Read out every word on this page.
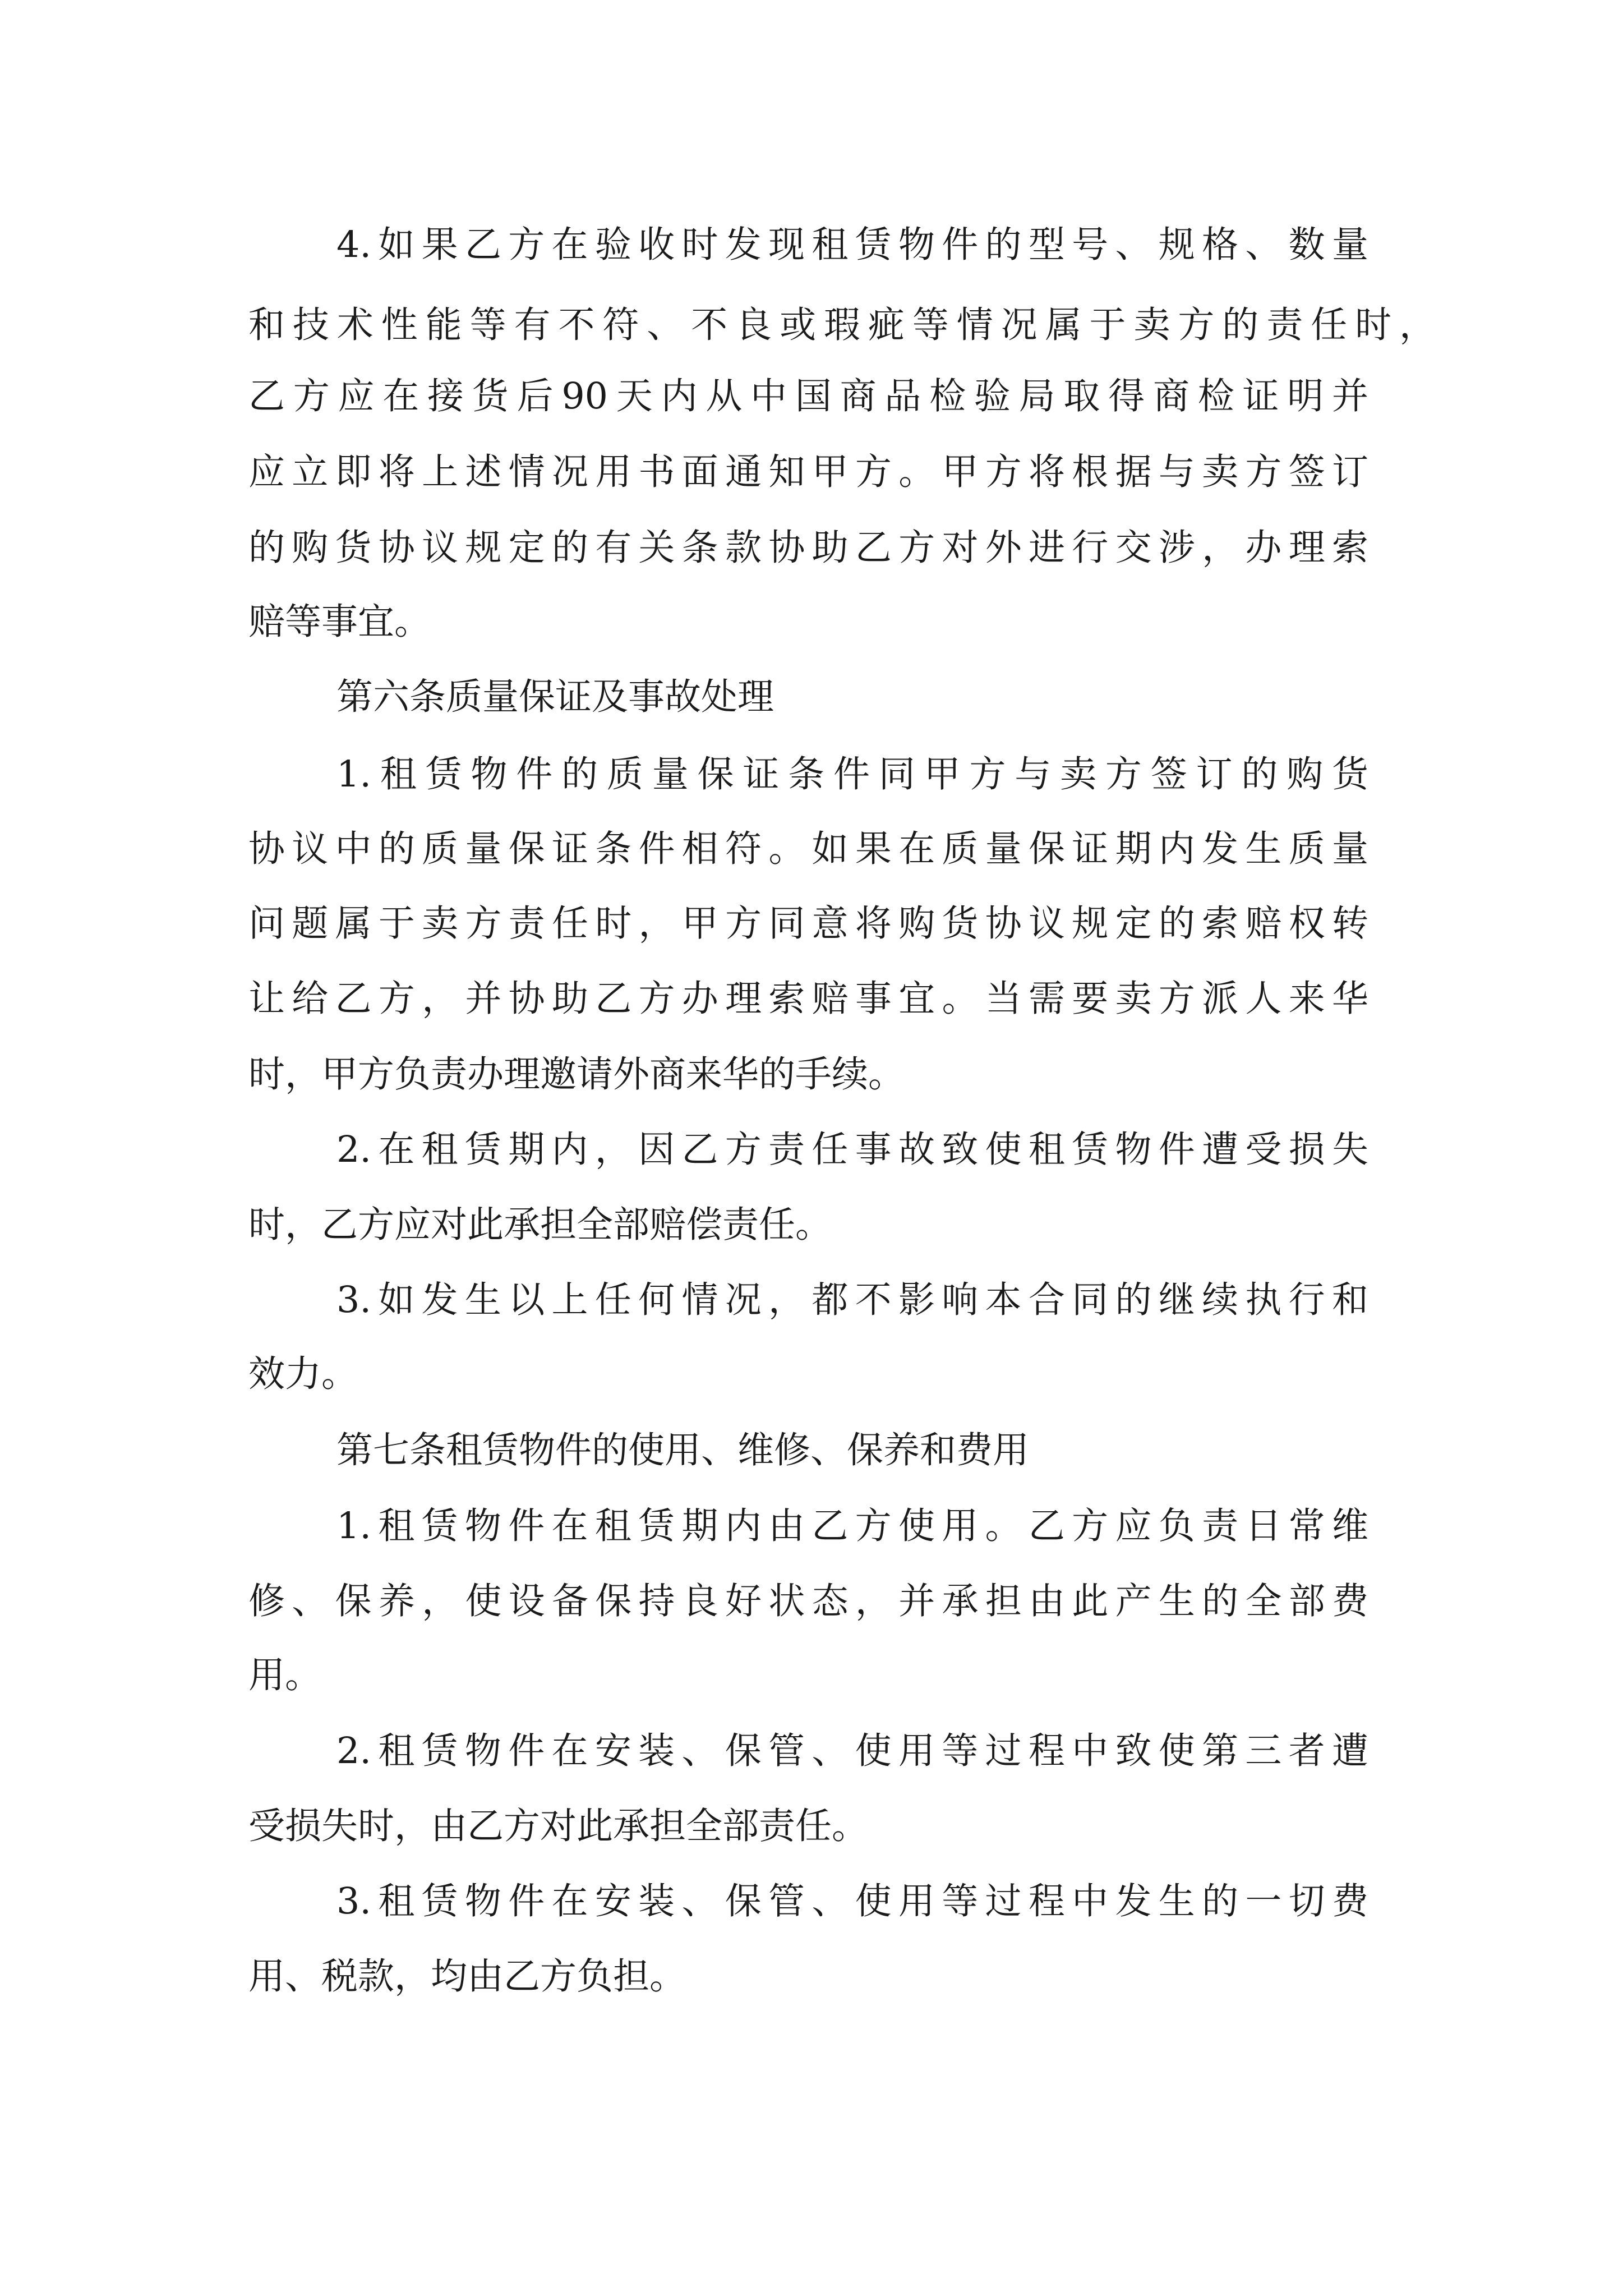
4.如果乙方在验收时发现租赁物件的型号、规格、数量

和技术性能等有不符、不良或瑕疵等情况属于卖方的责任时，

乙方应在接货后90天内从中国商品检验局取得商检证明并

应立即将上述情况用书面通知甲方。甲方将根据与卖方签订

的购货协议规定的有关条款协助乙方对外进行交涉，办理索

赔等事宜。

第六条质量保证及事故处理

1.租赁物件的质量保证条件同甲方与卖方签订的购货

协议中的质量保证条件相符。如果在质量保证期内发生质量

问题属于卖方责任时，甲方同意将购货协议规定的索赔权转

让给乙方，并协助乙方办理索赔事宜。当需要卖方派人来华

时，甲方负责办理邀请外商来华的手续。

2.在租赁期内，因乙方责任事故致使租赁物件遭受损失

时，乙方应对此承担全部赔偿责任。

3.如发生以上任何情况，都不影响本合同的继续执行和

效力。

第七条租赁物件的使用、维修、保养和费用

1.租赁物件在租赁期内由乙方使用。乙方应负责日常维

修、保养，使设备保持良好状态，并承担由此产生的全部费

用。

2.租赁物件在安装、保管、使用等过程中致使第三者遭

受损失时，由乙方对此承担全部责任。

3.租赁物件在安装、保管、使用等过程中发生的一切费

用、税款，均由乙方负担。
